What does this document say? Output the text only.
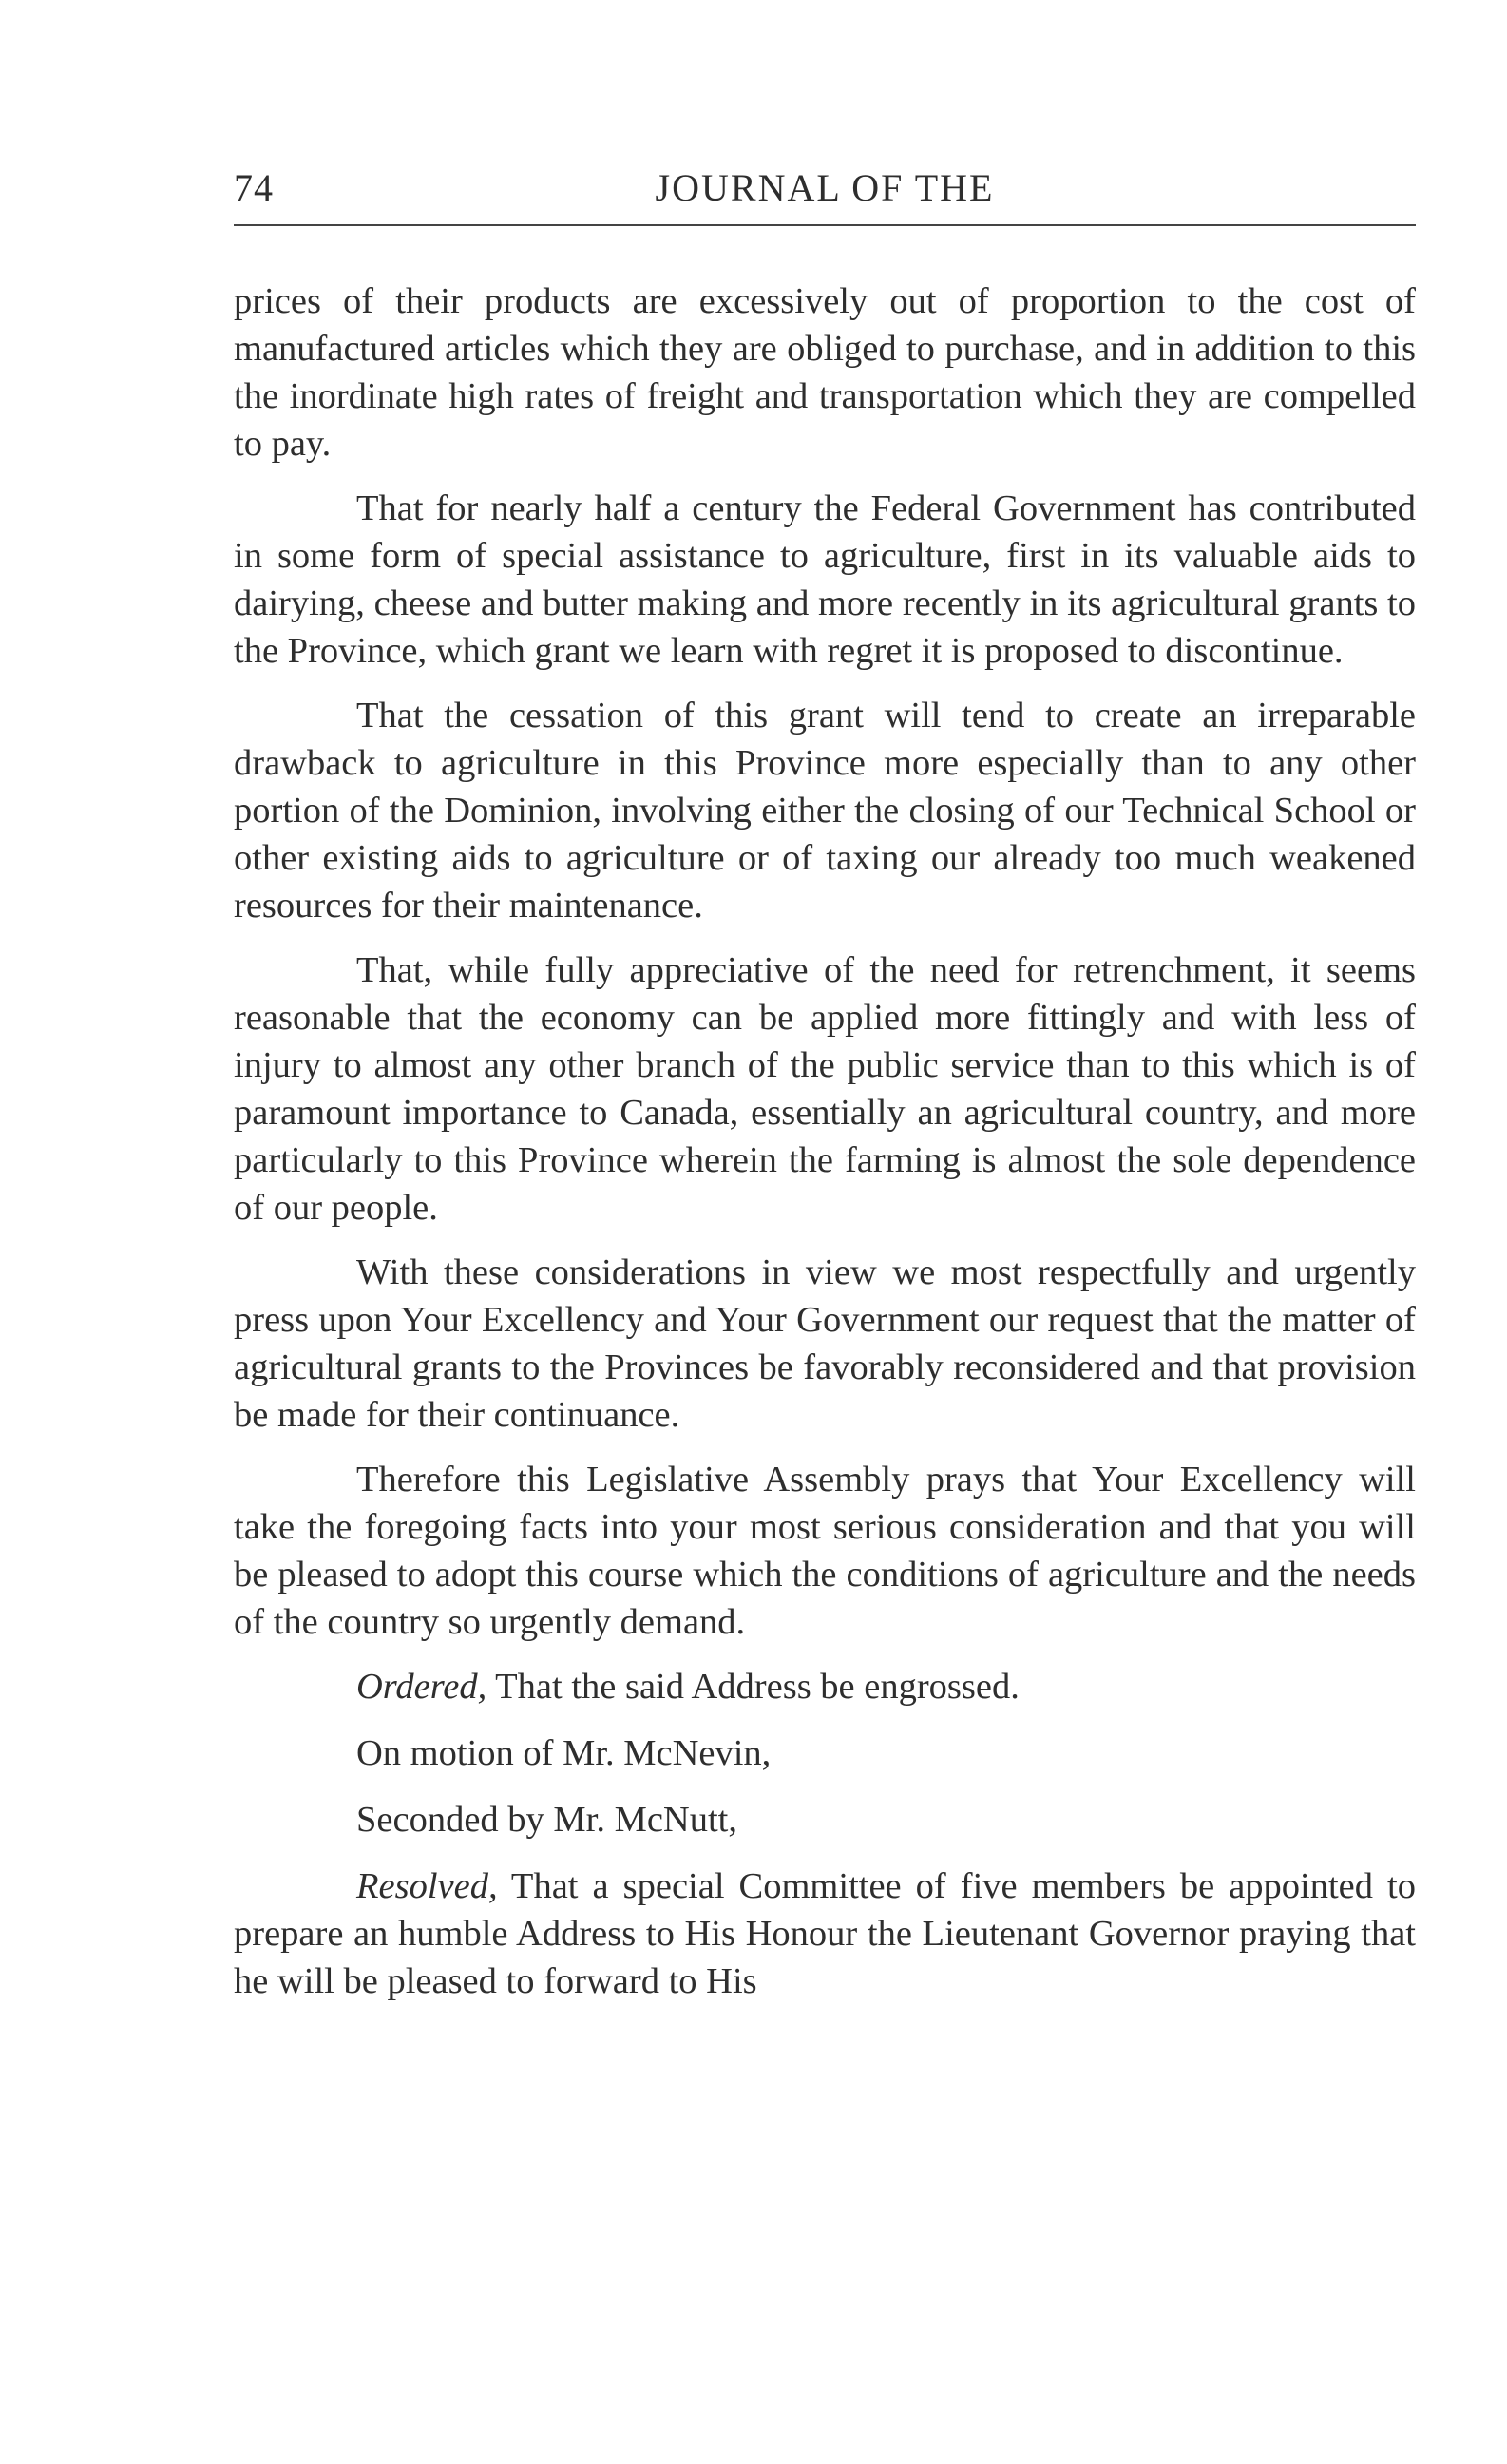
74	JOURNAL OF THE

prices of their products are excessively out of proportion to the cost of manufactured articles which they are obliged to purchase, and in addition to this the inordinate high rates of freight and transportation which they are compelled to pay.

That for nearly half a century the Federal Government has contributed in some form of special assistance to agriculture, first in its valuable aids to dairying, cheese and butter making and more recently in its agricultural grants to the Province, which grant we learn with regret it is proposed to discontinue.

That the cessation of this grant will tend to create an irreparable drawback to agriculture in this Province more especially than to any other portion of the Dominion, involving either the closing of our Technical School or other existing aids to agriculture or of taxing our already too much weakened resources for their maintenance.

That, while fully appreciative of the need for retrenchment, it seems reasonable that the economy can be applied more fittingly and with less of injury to almost any other branch of the public service than to this which is of paramount importance to Canada, essentially an agricultural country, and more particularly to this Province wherein the farming is almost the sole dependence of our people.

With these considerations in view we most respectfully and urgently press upon Your Excellency and Your Government our request that the matter of agricultural grants to the Provinces be favorably reconsidered and that provision be made for their continuance.

Therefore this Legislative Assembly prays that Your Excellency will take the foregoing facts into your most serious consideration and that you will be pleased to adopt this course which the conditions of agriculture and the needs of the country so urgently demand.

Ordered, That the said Address be engrossed.

On motion of Mr. McNevin,

Seconded by Mr. McNutt,

Resolved, That a special Committee of five members be appointed to prepare an humble Address to His Honour the Lieutenant Governor praying that he will be pleased to forward to His
